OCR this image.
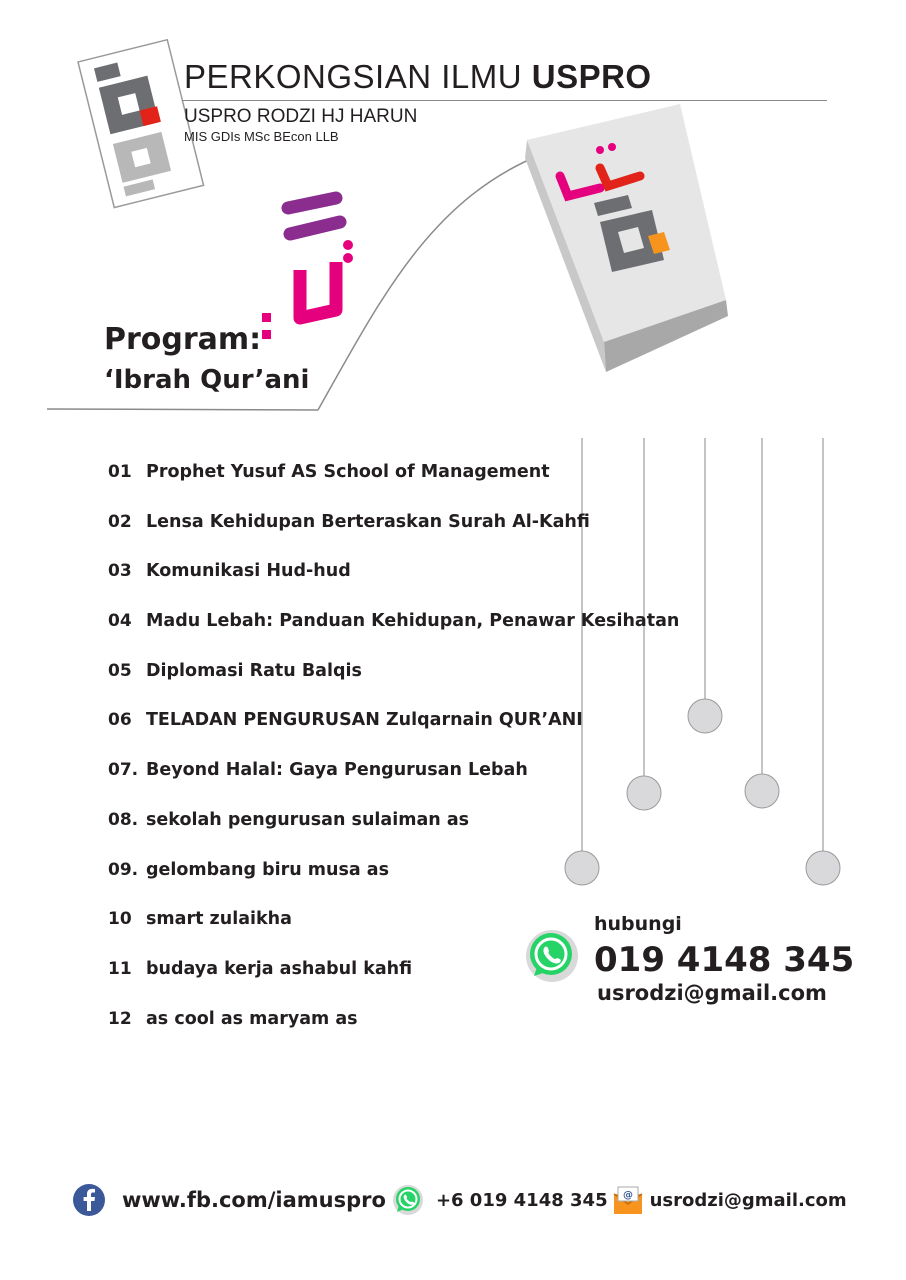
PERKONGSIAN ILMU USPRO
USPRO RODZI HJ HARUN
MIS GDIs MSc BEcon LLB
Program:
‘Ibrah Qur’ani
01 Prophet Yusuf AS School of Management
02 Lensa Kehidupan Berteraskan Surah Al-Kahfi
03 Komunikasi Hud-hud
04 Madu Lebah: Panduan Kehidupan, Penawar Kesihatan
05 Diplomasi Ratu Balqis
06 TELADAN PENGURUSAN Zulqarnain QUR’ANI
07. Beyond Halal: Gaya Pengurusan Lebah
08. sekolah pengurusan sulaiman as
09. gelombang biru musa as
10 smart zulaikha
11 budaya kerja ashabul kahfi
12 as cool as maryam as
hubungi
019 4148 345
usrodzi@gmail.com
www.fb.com/iamuspro	+6 019 4148 345 @ usrodzi@gmail.com
